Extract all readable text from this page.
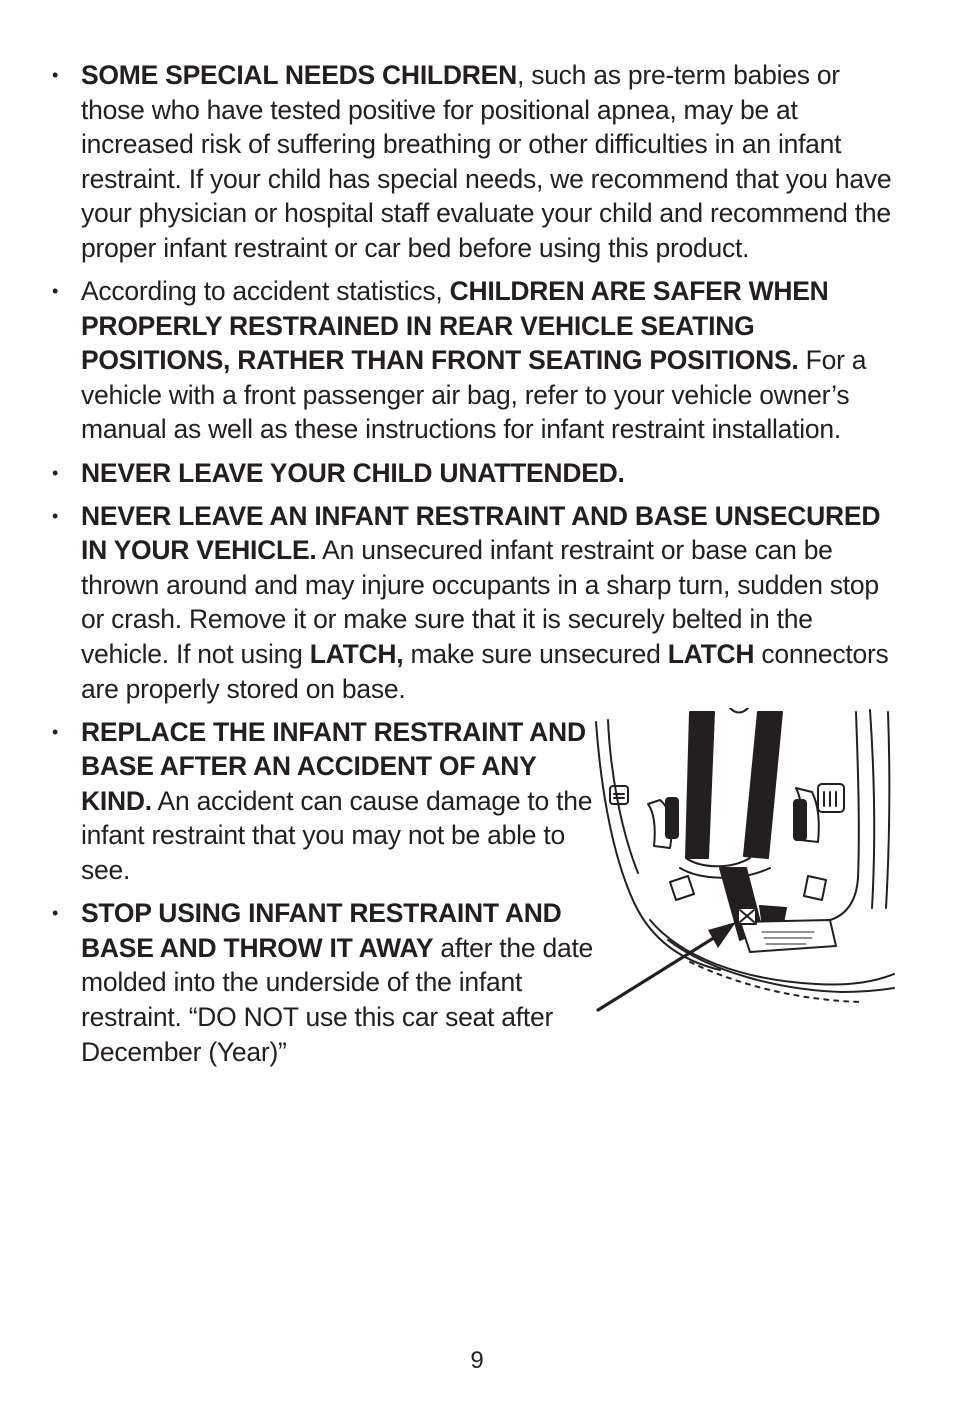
• SOME SPECIAL NEEDS CHILDREN, such as pre-term babies or those who have tested positive for positional apnea, may be at increased risk of suffering breathing or other difficulties in an infant restraint. If your child has special needs, we recommend that you have your physician or hospital staff evaluate your child and recommend the proper infant restraint or car bed before using this product.
• According to accident statistics, CHILDREN ARE SAFER WHEN PROPERLY RESTRAINED IN REAR VEHICLE SEATING POSITIONS, RATHER THAN FRONT SEATING POSITIONS. For a vehicle with a front passenger air bag, refer to your vehicle owner’s manual as well as these instructions for infant restraint installation.
• NEVER LEAVE YOUR CHILD UNATTENDED.
• NEVER LEAVE AN INFANT RESTRAINT AND BASE UNSECURED IN YOUR VEHICLE. An unsecured infant restraint or base can be thrown around and may injure occupants in a sharp turn, sudden stop or crash. Remove it or make sure that it is securely belted in the vehicle. If not using LATCH, make sure unsecured LATCH connectors are properly stored on base.
• REPLACE THE INFANT RESTRAINT AND BASE AFTER AN ACCIDENT OF ANY KIND. An accident can cause damage to the infant restraint that you may not be able to see.
• STOP USING INFANT RESTRAINT AND BASE AND THROW IT AWAY after the date molded into the underside of the infant restraint. “DO NOT use this car seat after December (Year)”
9
